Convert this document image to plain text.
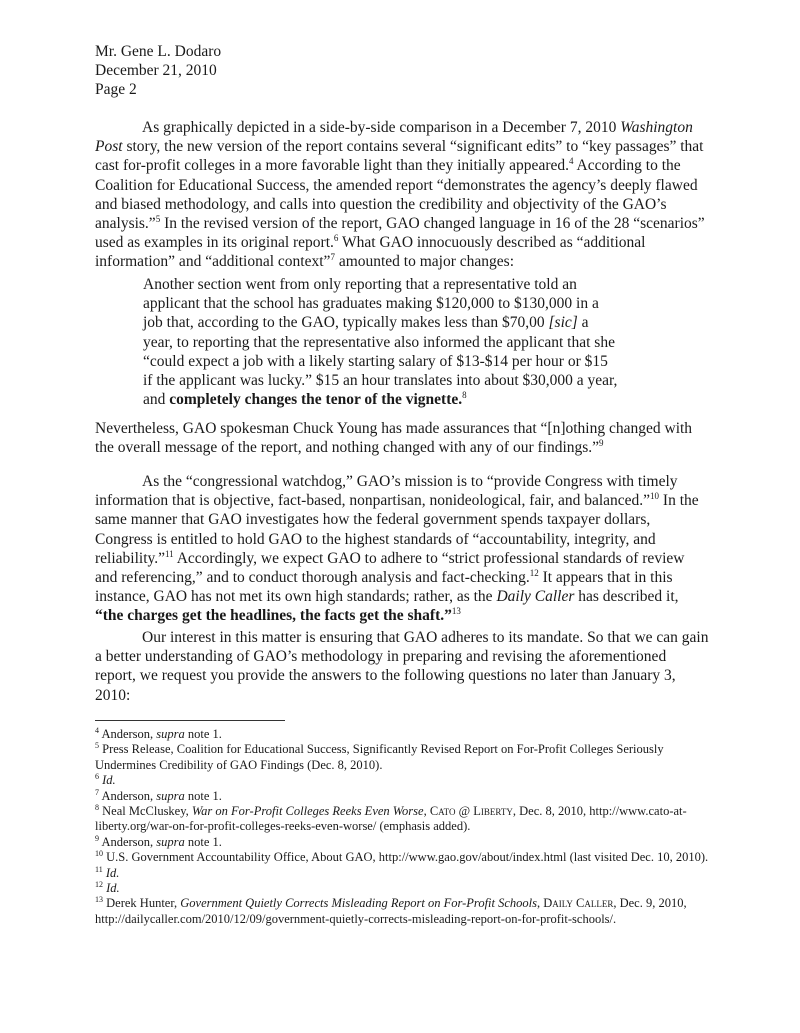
Mr. Gene L. Dodaro
December 21, 2010
Page 2
As graphically depicted in a side-by-side comparison in a December 7, 2010 Washington Post story, the new version of the report contains several “significant edits” to “key passages” that cast for-profit colleges in a more favorable light than they initially appeared.$^4$ According to the Coalition for Educational Success, the amended report “demonstrates the agency’s deeply flawed and biased methodology, and calls into question the credibility and objectivity of the GAO’s analysis.”$^5$ In the revised version of the report, GAO changed language in 16 of the 28 “scenarios” used as examples in its original report.$^6$ What GAO innocuously described as “additional information” and “additional context”$^7$ amounted to major changes:
Another section went from only reporting that a representative told an applicant that the school has graduates making $120,000 to $130,000 in a job that, according to the GAO, typically makes less than $70,00 [sic] a year, to reporting that the representative also informed the applicant that she “could expect a job with a likely starting salary of $13-$14 per hour or $15 if the applicant was lucky.” $15 an hour translates into about $30,000 a year, and completely changes the tenor of the vignette.$^8$
Nevertheless, GAO spokesman Chuck Young has made assurances that “[n]othing changed with the overall message of the report, and nothing changed with any of our findings.”$^9$
As the “congressional watchdog,” GAO’s mission is to “provide Congress with timely information that is objective, fact-based, nonpartisan, nonideological, fair, and balanced.”$^{10}$ In the same manner that GAO investigates how the federal government spends taxpayer dollars, Congress is entitled to hold GAO to the highest standards of “accountability, integrity, and reliability.”$^{11}$ Accordingly, we expect GAO to adhere to “strict professional standards of review and referencing,” and to conduct thorough analysis and fact-checking.$^{12}$ It appears that in this instance, GAO has not met its own high standards; rather, as the Daily Caller has described it, “the charges get the headlines, the facts get the shaft.”$^{13}$
Our interest in this matter is ensuring that GAO adheres to its mandate. So that we can gain a better understanding of GAO’s methodology in preparing and revising the aforementioned report, we request you provide the answers to the following questions no later than January 3, 2010:

$^4$ Anderson, supra note 1.

$^5$ Press Release, Coalition for Educational Success, Significantly Revised Report on For-Profit Colleges Seriously Undermines Credibility of GAO Findings (Dec. 8, 2010).

$^6$ Id.

$^7$ Anderson, supra note 1.

$^8$ Neal McCluskey, War on For-Profit Colleges Reeks Even Worse, Cato @ Liberty, Dec. 8, 2010, http://www.cato-at-liberty.org/war-on-for-profit-colleges-reeks-even-worse/ (emphasis added).

$^9$ Anderson, supra note 1.

$^{10}$ U.S. Government Accountability Office, About GAO, http://www.gao.gov/about/index.html (last visited Dec. 10, 2010).

$^{11}$ Id.

$^{12}$ Id.

$^{13}$ Derek Hunter, Government Quietly Corrects Misleading Report on For-Profit Schools, Daily Caller, Dec. 9, 2010, http://dailycaller.com/2010/12/09/government-quietly-corrects-misleading-report-on-for-profit-schools/.
